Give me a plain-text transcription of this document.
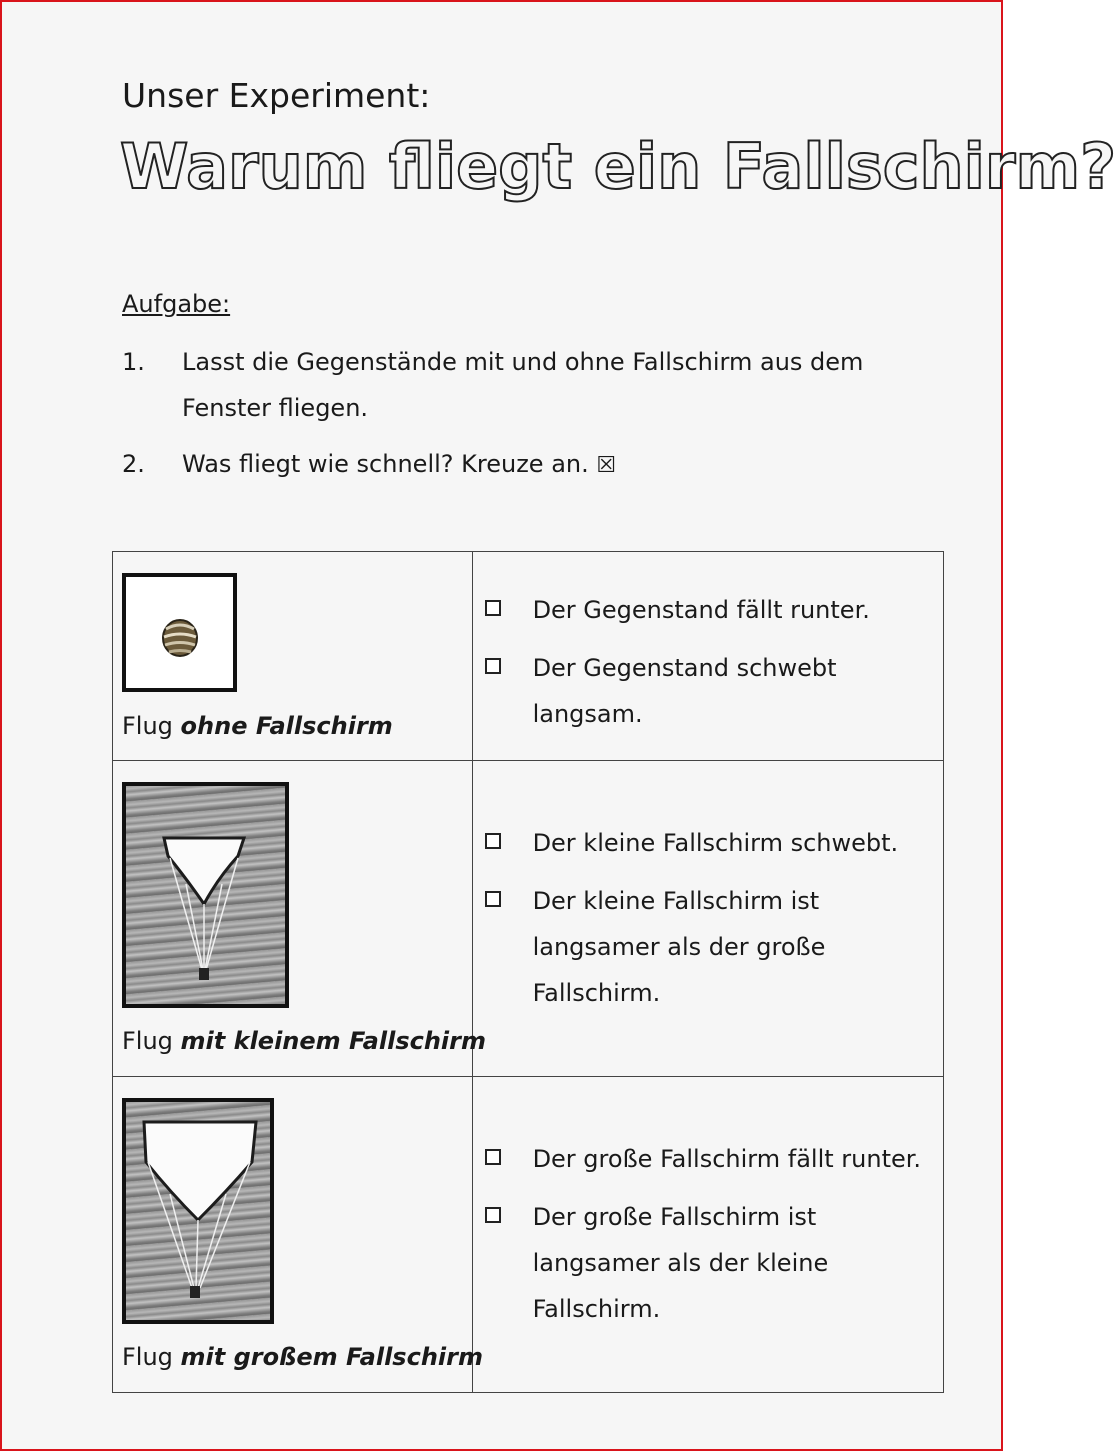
Unser Experiment:
Warum fliegt ein Fallschirm?
Aufgabe:
1.	Lasst die Gegenstände mit und ohne Fallschirm aus dem Fenster fliegen.
2.	Was fliegt wie schnell? Kreuze an. ☒
Flug ohne Fallschirm	Der Gegenstand fällt runter.
Der Gegenstand schwebt langsam.

Flug mit kleinem Fallschirm	Der kleine Fallschirm schwebt.
Der kleine Fallschirm ist langsamer als der große Fallschirm.

Flug mit großem Fallschirm	Der große Fallschirm fällt runter.
Der große Fallschirm ist langsamer als der kleine Fallschirm.
